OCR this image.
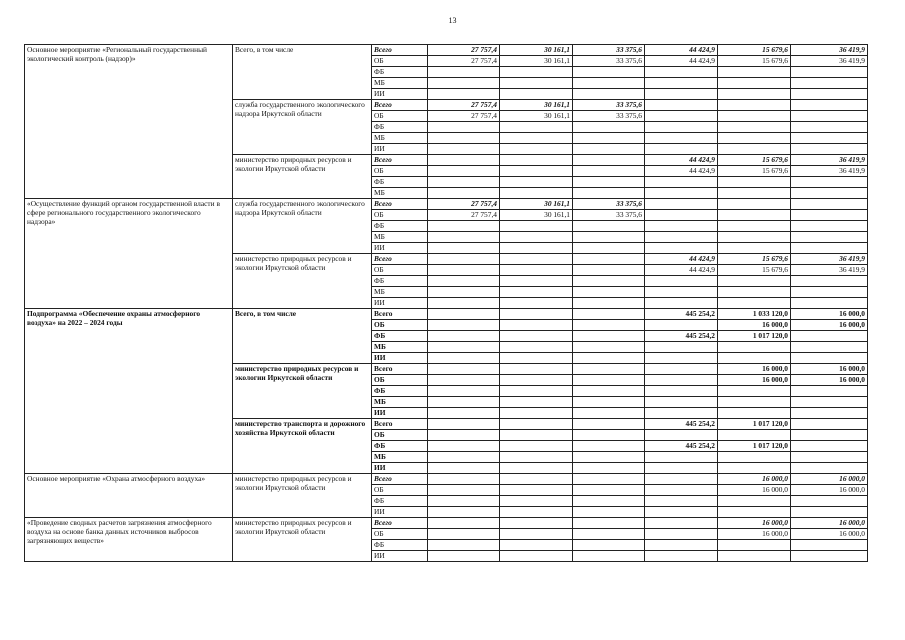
13
Основное мероприятие «Региональный государственный экологический контроль (надзор)»	Всего, в том числе	Всего	27 757,4	30 161,1	33 375,6	44 424,9	15 679,6	36 419,9
		ОБ	27 757,4	30 161,1	33 375,6	44 424,9	15 679,6	36 419,9
		ФБ						
		МБ						
		ИИ						
	служба государственного экологического надзора Иркутской области	Всего	27 757,4	30 161,1	33 375,6			
		ОБ	27 757,4	30 161,1	33 375,6			
		ФБ						
		МБ						
		ИИ						
	министерство природных ресурсов и экологии Иркутской области	Всего				44 424,9	15 679,6	36 419,9
		ОБ				44 424,9	15 679,6	36 419,9
		ФБ						
		МБ						
«Осуществление функций органом государственной власти в сфере регионального государственного экологического надзора»	служба государственного экологического надзора Иркутской области	Всего	27 757,4	30 161,1	33 375,6			
		ОБ	27 757,4	30 161,1	33 375,6			
		ФБ						
		МБ						
		ИИ						
	министерство природных ресурсов и экологии Иркутской области	Всего				44 424,9	15 679,6	36 419,9
		ОБ				44 424,9	15 679,6	36 419,9
		ФБ						
		МБ						
		ИИ						
Подпрограмма «Обеспечение охраны атмосферного воздуха» на 2022 – 2024 годы	Всего, в том числе	Всего				445 254,2	1 033 120,0	16 000,0
		ОБ					16 000,0	16 000,0
		ФБ				445 254,2	1 017 120,0	
		МБ						
		ИИ						
	министерство природных ресурсов и экологии Иркутской области	Всего					16 000,0	16 000,0
		ОБ					16 000,0	16 000,0
		ФБ						
		МБ						
		ИИ						
	министерство транспорта и дорожного хозяйства Иркутской области	Всего				445 254,2	1 017 120,0	
		ОБ						
		ФБ				445 254,2	1 017 120,0	
		МБ						
		ИИ						
Основное мероприятие «Охрана атмосферного воздуха»	министерство природных ресурсов и экологии Иркутской области	Всего					16 000,0	16 000,0
		ОБ					16 000,0	16 000,0
		ФБ						
		ИИ						
«Проведение сводных расчетов загрязнения атмосферного воздуха на основе банка данных источников выбросов загрязняющих веществ»	министерство природных ресурсов и экологии Иркутской области	Всего					16 000,0	16 000,0
		ОБ					16 000,0	16 000,0
		ФБ						
		ИИ						
